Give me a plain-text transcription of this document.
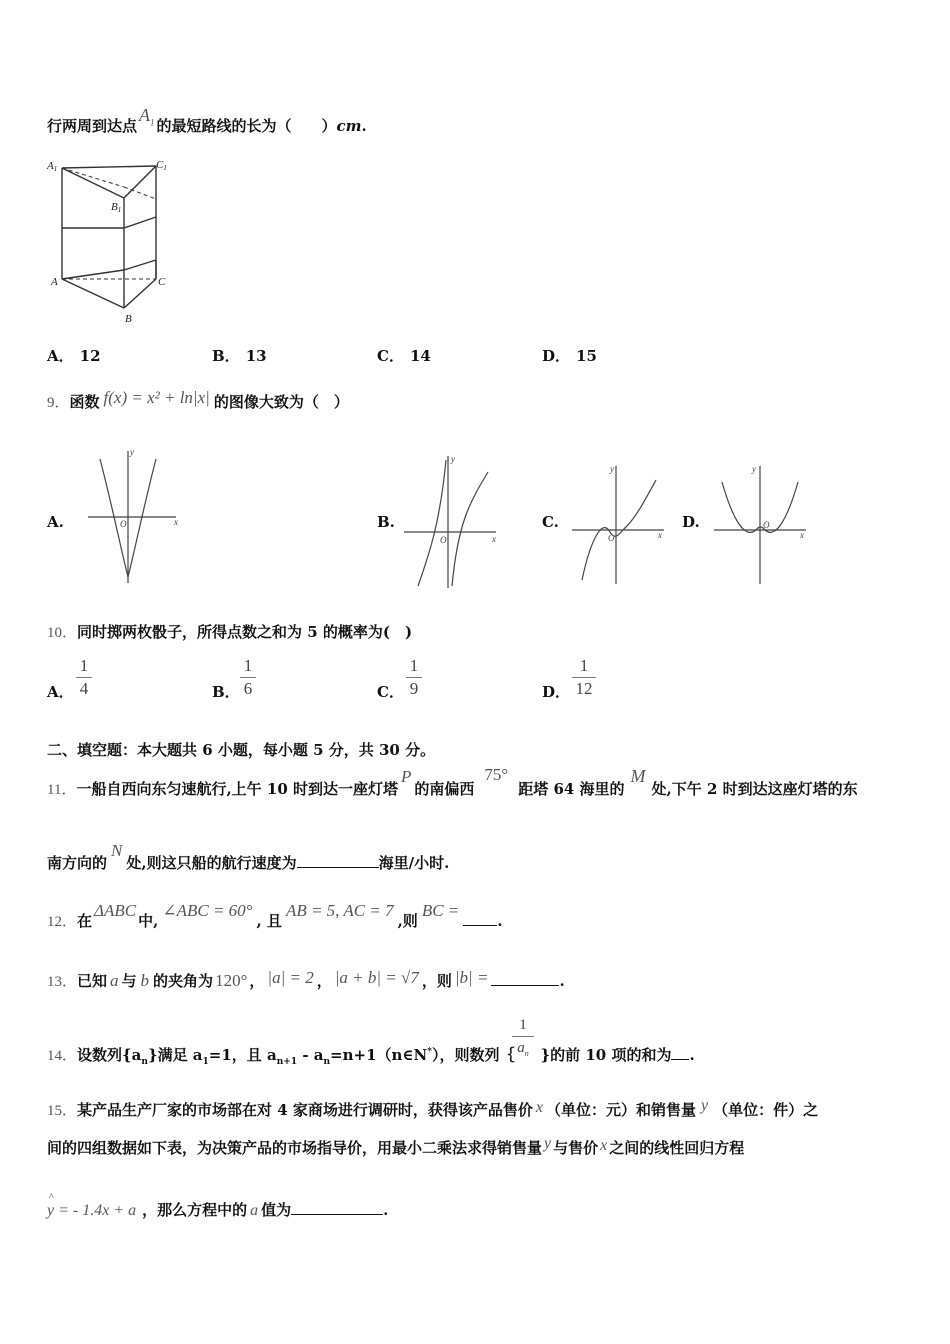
行两周到达点$A_1$ 的最短路线的长为（　　）cm.
A1	C1
B1
A	C
B
A． 12	B． 13	C． 14	D． 15
9．函数 f(x) = x² + ln|x| 的图像大致为（　）
A.
y
x
O	B.
y
x
O
C.
y
x
O
D.
y
x
O
10．同时掷两枚骰子，所得点数之和为 5 的概率为(　)
A．
1
4	B．
1
6	C．
1
9	D．
1
12
二、填空题：本大题共 6 小题，每小题 5 分，共 30 分。
11．一船自西向东匀速航行,上午 10 时到达一座灯塔P的南偏西75°距塔 64 海里的M处,下午 2 时到达这座灯塔的东
南方向的N处,则这只船的航行速度为	海里/小时.
12．在ΔABC中,∠ABC = 60°, 且AB = 5, AC = 7,则BC =.
13．已知 a 与 b 的夹角为 120° ， |a| = 2 ， |a + b| = √7 ，则 |b| =	.
14．设数列$\{a_n\}$满足 $a_1=1$，且 $a_{n+1}$ - $a_n=n+1(n\in N^*)$，则数列｛ }的前 10 项的和为 .
1
$a_n$
15．某产品生产厂家的市场部在对 4 家商场进行调研时，获得该产品售价 x （单位：元）和销售量 y （单位：件）之
间的四组数据如下表，为决策产品的市场指导价，用最小二乘法求得销售量 y 与售价 x 之间的线性回归方程
^
y = - 1.4x + a ，那么方程中的 a 值为	.
